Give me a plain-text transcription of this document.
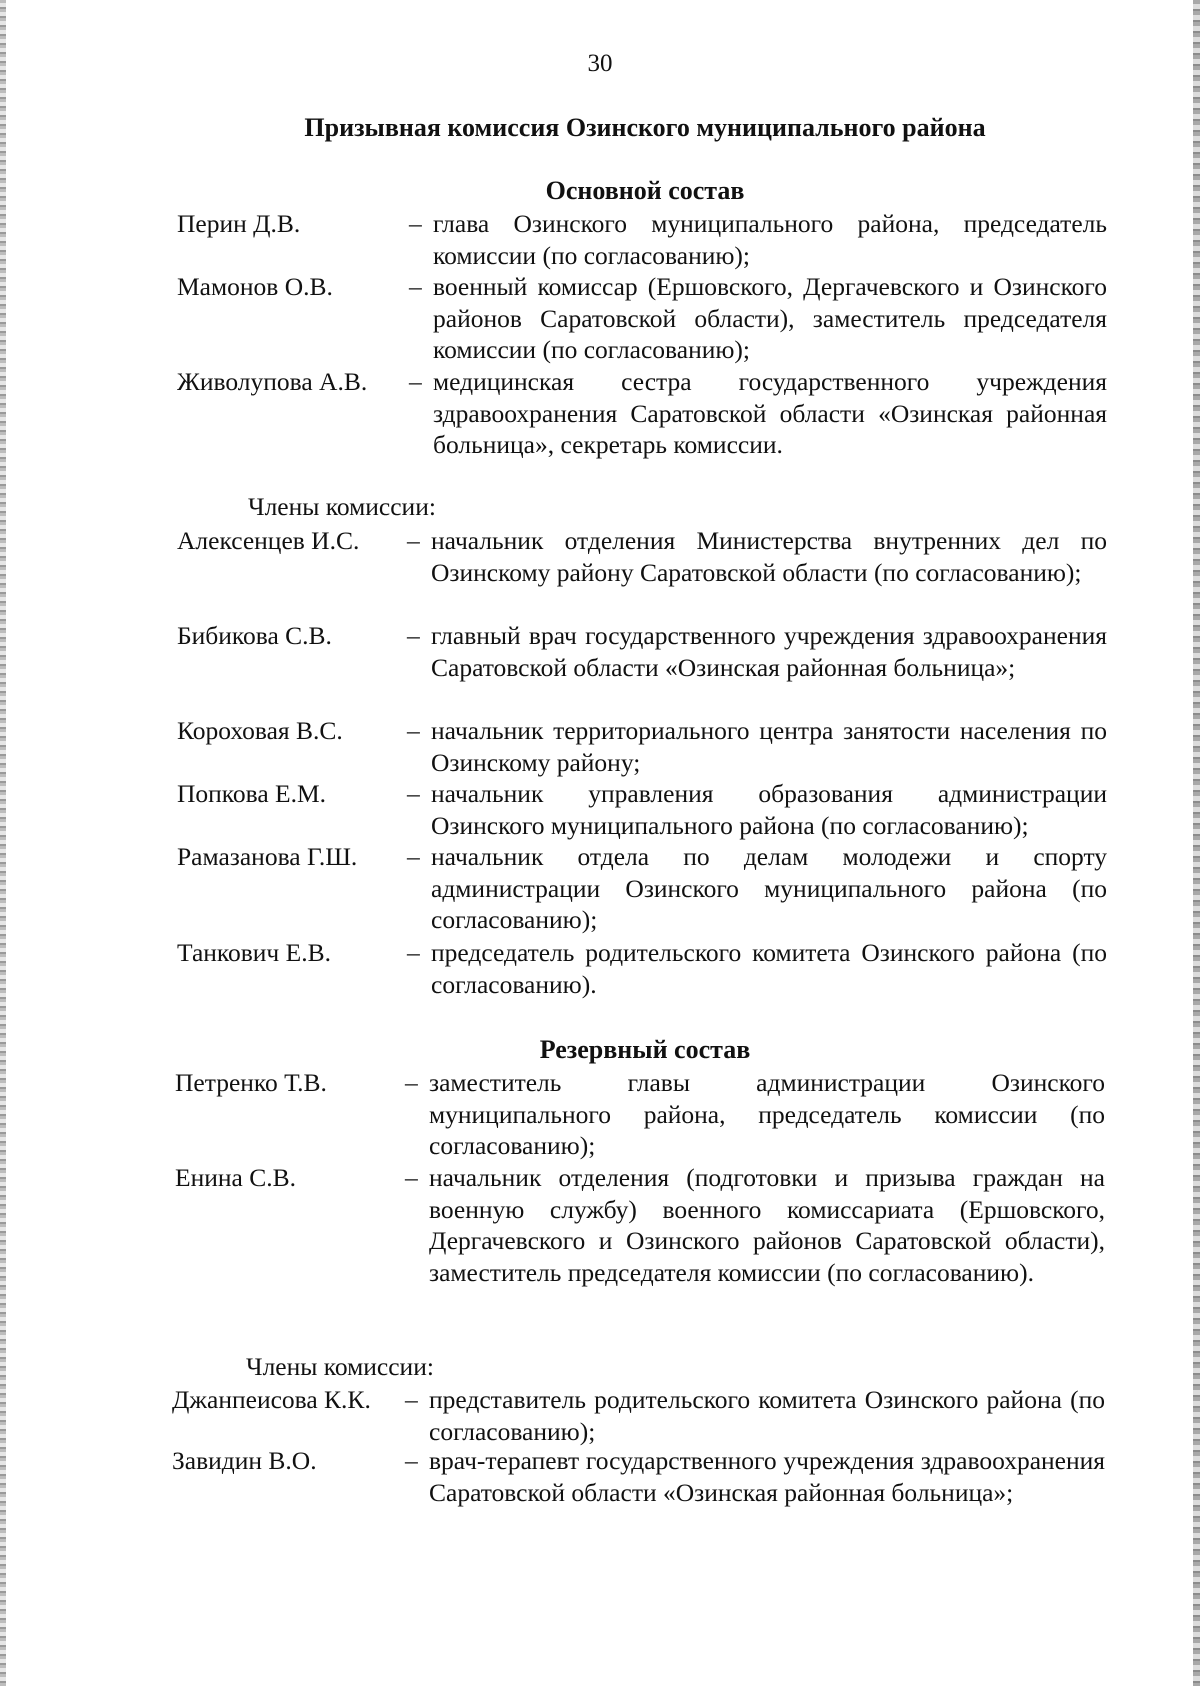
30
Призывная комиссия Озинского муниципального района
Основной состав
Перин Д.В.	– глава Озинского муниципального района, председатель комиссии (по согласованию);
Мамонов О.В.	– военный комиссар (Ершовского, Дергачевского и Озинского районов Саратовской области), заместитель председателя комиссии (по согласованию);
Живолупова А.В. – медицинская сестра государственного учреждения здравоохранения Саратовской области «Озинская районная больница», секретарь комиссии.
Члены комиссии:
Алексенцев И.С. – начальник отделения Министерства внутренних дел по Озинскому району Саратовской области (по согласованию);
Бибикова С.В.	– главный врач государственного учреждения здравоохранения Саратовской области «Озинская районная больница»;
Короховая В.С.	– начальник территориального центра занятости населения по Озинскому району;
Попкова Е.М.	– начальник управления образования администрации Озинского муниципального района (по согласованию);
Рамазанова Г.Ш. – начальник отдела по делам молодежи и спорту администрации Озинского муниципального района (по согласованию);
Танкович Е.В.	– председатель родительского комитета Озинского района (по согласованию).
Резервный состав
Петренко Т.В.	– заместитель главы администрации Озинского муниципального района, председатель комиссии (по согласованию);
Енина С.В.	– начальник отделения (подготовки и призыва граждан на военную службу) военного комиссариата (Ершовского, Дергачевского и Озинского районов Саратовской области), заместитель председателя комиссии (по согласованию).
Члены комиссии:
Джанпеисова К.К. – представитель родительского комитета Озинского района (по согласованию);
Завидин В.О.	– врач-терапевт государственного учреждения здравоохранения Саратовской области «Озинская районная больница»;
